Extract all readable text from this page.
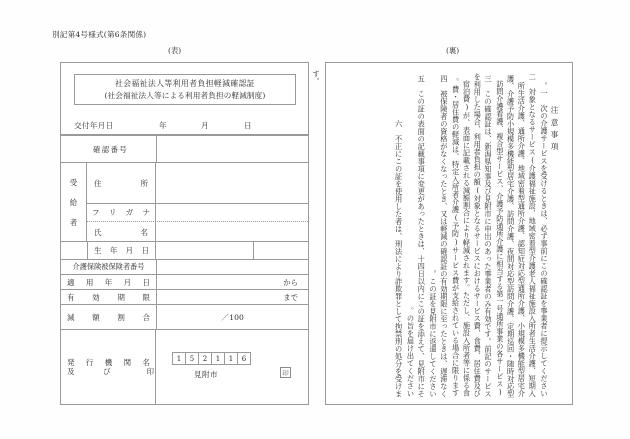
別記第4号様式(第6条関係)
(表)	(裏)
社会福祉法人等利用者負担軽減確認証
(社会福祉法人等による利用者負担の軽減制度)
交付年月日	年	月	日
確認番号
受
給
者
住	所
フ リ ガ ナ
氏	名
生 年 月 日
介護保険被保険者番号
適 用 年 月 日	から
有 効 期 限	まで
減 額 割 合	／ 100
発 行 機 関 名
及	び	印
1	5	2	1	1	6
見附市	印
注意事項
一　次の介護サービスを受けるときは、必ず事前にこの確認証を事業者に提示してください。
二　対象となるサービス(介護福祉施設、地域密着型介護老人福祉施設入所者生活介護、短期入所生活介護、通所介護、地域密着型通所介護、認知症対応型通所介護、小規模多機能型居宅介護、介護予防小規模多機能型居宅介護、訪問介護、夜間対応型訪問介護、定期巡回・随時対応型訪問介護看護、複合型サービス、介護予防通所介護に相当する第一号通所事業の各サービス)
三　この確認証は、新潟県知事及び見附市に申出のあった事業者のみ有効です。前記のサービスを利用した場合、利用者負担の額(対象となるサービスにおけるサービス費、食費、居住費及び宿泊費)が、表面に記載される減額割合により軽減されます。ただし、施設入所者等に係る食費・居住費の軽減は、特定入所者介護(予防)サービス費が支給されている場合に限ります。
四　被保険者の資格がなくなったとき、又は軽減の確認証の有効期限に至ったときは、遅滞なくこの証を見附市に返還してください。
五　この証の表面の記載事項に変更があったときは、十四日以内にこの証を添えて、見附市にその旨を届け出てください。
六　不正にこの証を使用した者は、刑法により詐欺罪として拘禁刑の処分を受けま
す。
